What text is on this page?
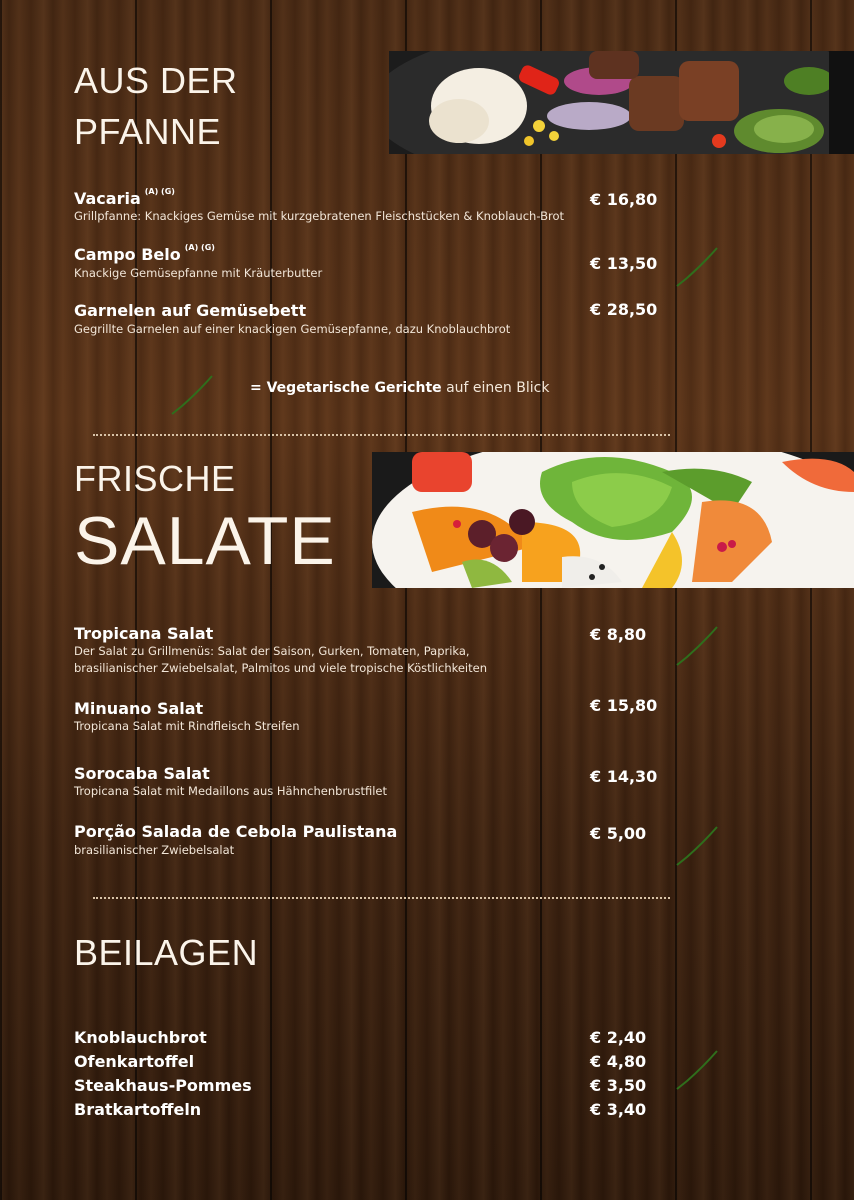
AUS DER
PFANNE
Vacaria $^{(A) (G)}$
Grillpfanne: Knackiges Gemüse mit kurzgebratenen Fleischstücken & Knoblauch-Brot
€ 16,80
Campo Belo $^{(A) (G)}$
Knackige Gemüsepfanne mit Kräuterbutter	€ 13,50
Garnelen auf Gemüsebett
Gegrillte Garnelen auf einer knackigen Gemüsepfanne, dazu Knoblauchbrot
€ 28,50
= Vegetarische Gerichte auf einen Blick
FRISCHE
SALATE
Tropicana Salat
Der Salat zu Grillmenüs: Salat der Saison, Gurken, Tomaten, Paprika,
brasilianischer Zwiebelsalat, Palmitos und viele tropische Köstlichkeiten
€ 8,80
Minuano Salat
Tropicana Salat mit Rindfleisch Streifen
€ 15,80
Sorocaba Salat
Tropicana Salat mit Medaillons aus Hähnchenbrustfilet
€ 14,30
Porção Salada de Cebola Paulistana
brasilianischer Zwiebelsalat
€ 5,00
BEILAGEN
Knoblauchbrot	€ 2,40
Ofenkartoffel	€ 4,80
Steakhaus-Pommes	€ 3,50
Bratkartoffeln	€ 3,40
